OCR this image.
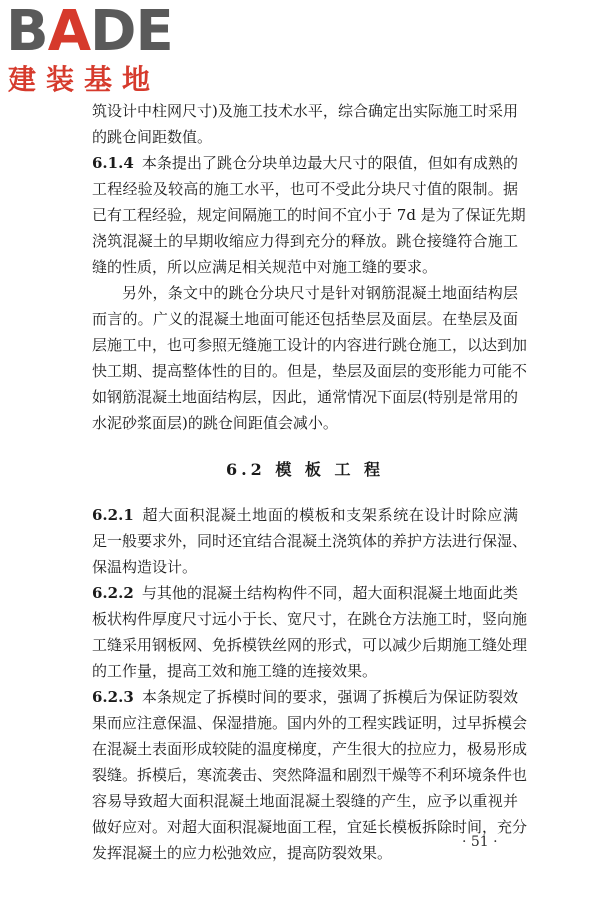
BADE
建装基地
筑设计中柱网尺寸)及施工技术水平，综合确定出实际施工时采用
的跳仓间距数值。
6.1.4 本条提出了跳仓分块单边最大尺寸的限值，但如有成熟的
工程经验及较高的施工水平，也可不受此分块尺寸值的限制。据
已有工程经验，规定间隔施工的时间不宜小于 7d 是为了保证先期
浇筑混凝土的早期收缩应力得到充分的释放。跳仓接缝符合施工
缝的性质，所以应满足相关规范中对施工缝的要求。
另外，条文中的跳仓分块尺寸是针对钢筋混凝土地面结构层
而言的。广义的混凝土地面可能还包括垫层及面层。在垫层及面
层施工中，也可参照无缝施工设计的内容进行跳仓施工，以达到加
快工期、提高整体性的目的。但是，垫层及面层的变形能力可能不
如钢筋混凝土地面结构层，因此，通常情况下面层(特别是常用的
水泥砂浆面层)的跳仓间距值会减小。
6.2 模 板 工 程
6.2.1 超大面积混凝土地面的模板和支架系统在设计时除应满
足一般要求外，同时还宜结合混凝土浇筑体的养护方法进行保湿、
保温构造设计。
6.2.2 与其他的混凝土结构构件不同，超大面积混凝土地面此类
板状构件厚度尺寸远小于长、宽尺寸，在跳仓方法施工时，竖向施
工缝采用钢板网、免拆模铁丝网的形式，可以减少后期施工缝处理
的工作量，提高工效和施工缝的连接效果。
6.2.3 本条规定了拆模时间的要求，强调了拆模后为保证防裂效
果而应注意保温、保湿措施。国内外的工程实践证明，过早拆模会
在混凝土表面形成较陡的温度梯度，产生很大的拉应力，极易形成
裂缝。拆模后，寒流袭击、突然降温和剧烈干燥等不利环境条件也
容易导致超大面积混凝土地面混凝土裂缝的产生，应予以重视并
做好应对。对超大面积混凝地面工程，宜延长模板拆除时间，充分
发挥混凝土的应力松弛效应，提高防裂效果。
· 51 ·
